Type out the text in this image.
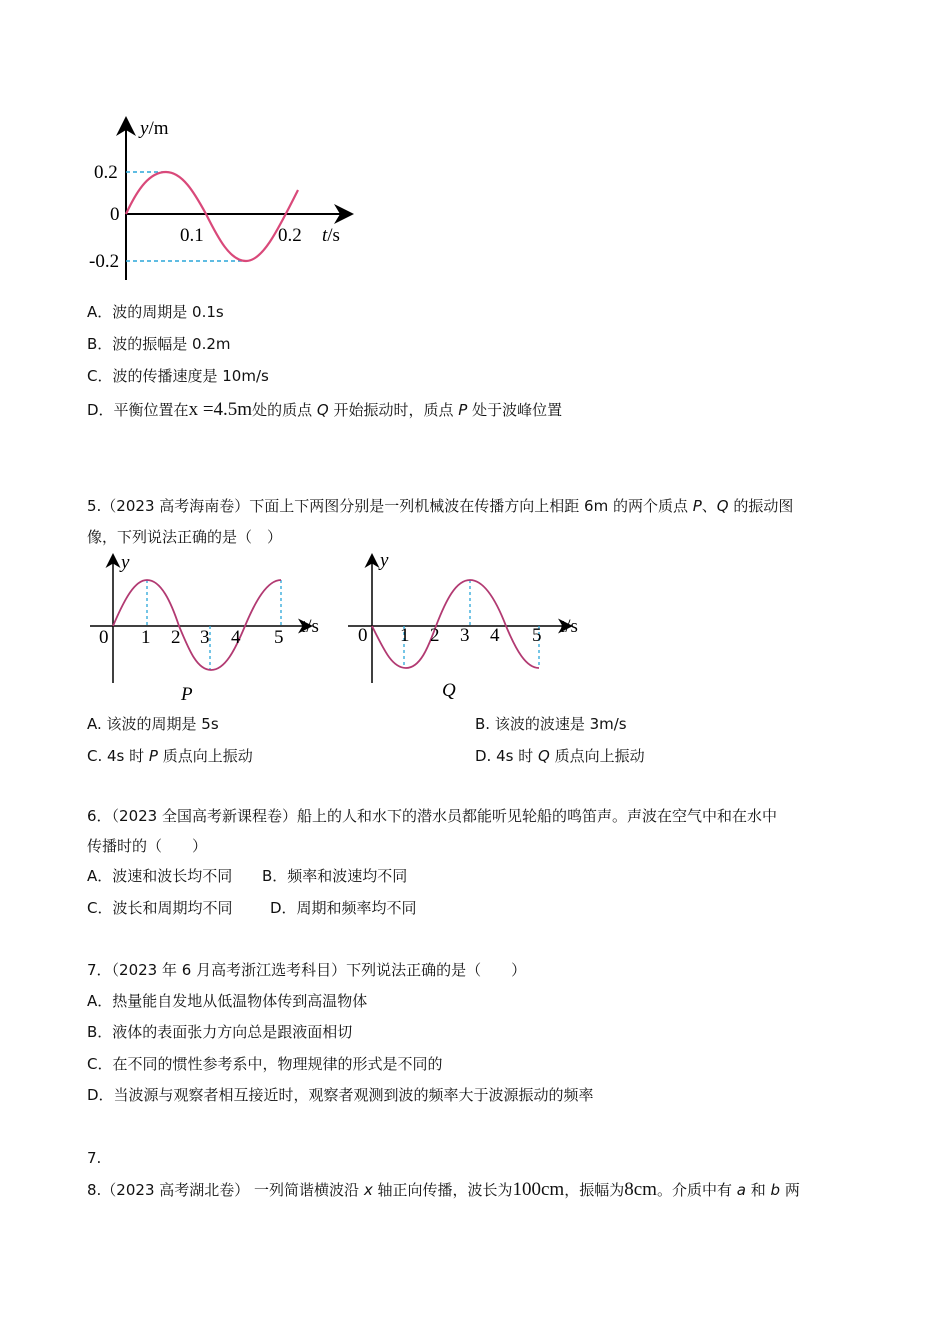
y/m
0.2
0
-0.2
0.1	0.2 t/s
A．波的周期是 0.1s
B．波的振幅是 0.2m
C．波的传播速度是 10m/s
D．平衡位置在x =4.5m处的质点 Q 开始振动时，质点 P 处于波峰位置
5.（2023 高考海南卷）下面上下两图分别是一列机械波在传播方向上相距 6m 的两个质点 P、Q 的振动图
像，下列说法正确的是（　）
y
0 1 2 3 4 5
t/s
P
y
0 1 2 3 4 5 t/s
Q
A. 该波的周期是 5s	B. 该波的波速是 3m/s
C. 4s 时 P 质点向上振动	D. 4s 时 Q 质点向上振动
6．（2023 全国高考新课程卷）船上的人和水下的潜水员都能听见轮船的鸣笛声。声波在空气中和在水中
传播时的（　　）
A．波速和波长均不同 B．频率和波速均不同
C．波长和周期均不同	D．周期和频率均不同
7．（2023 年 6 月高考浙江选考科目）下列说法正确的是（　　）
A．热量能自发地从低温物体传到高温物体
B．液体的表面张力方向总是跟液面相切
C．在不同的惯性参考系中，物理规律的形式是不同的
D．当波源与观察者相互接近时，观察者观测到波的频率大于波源振动的频率
7.
8.（2023 高考湖北卷） 一列简谐横波沿 x 轴正向传播，波长为100cm，振幅为8cm。介质中有 a 和 b 两
